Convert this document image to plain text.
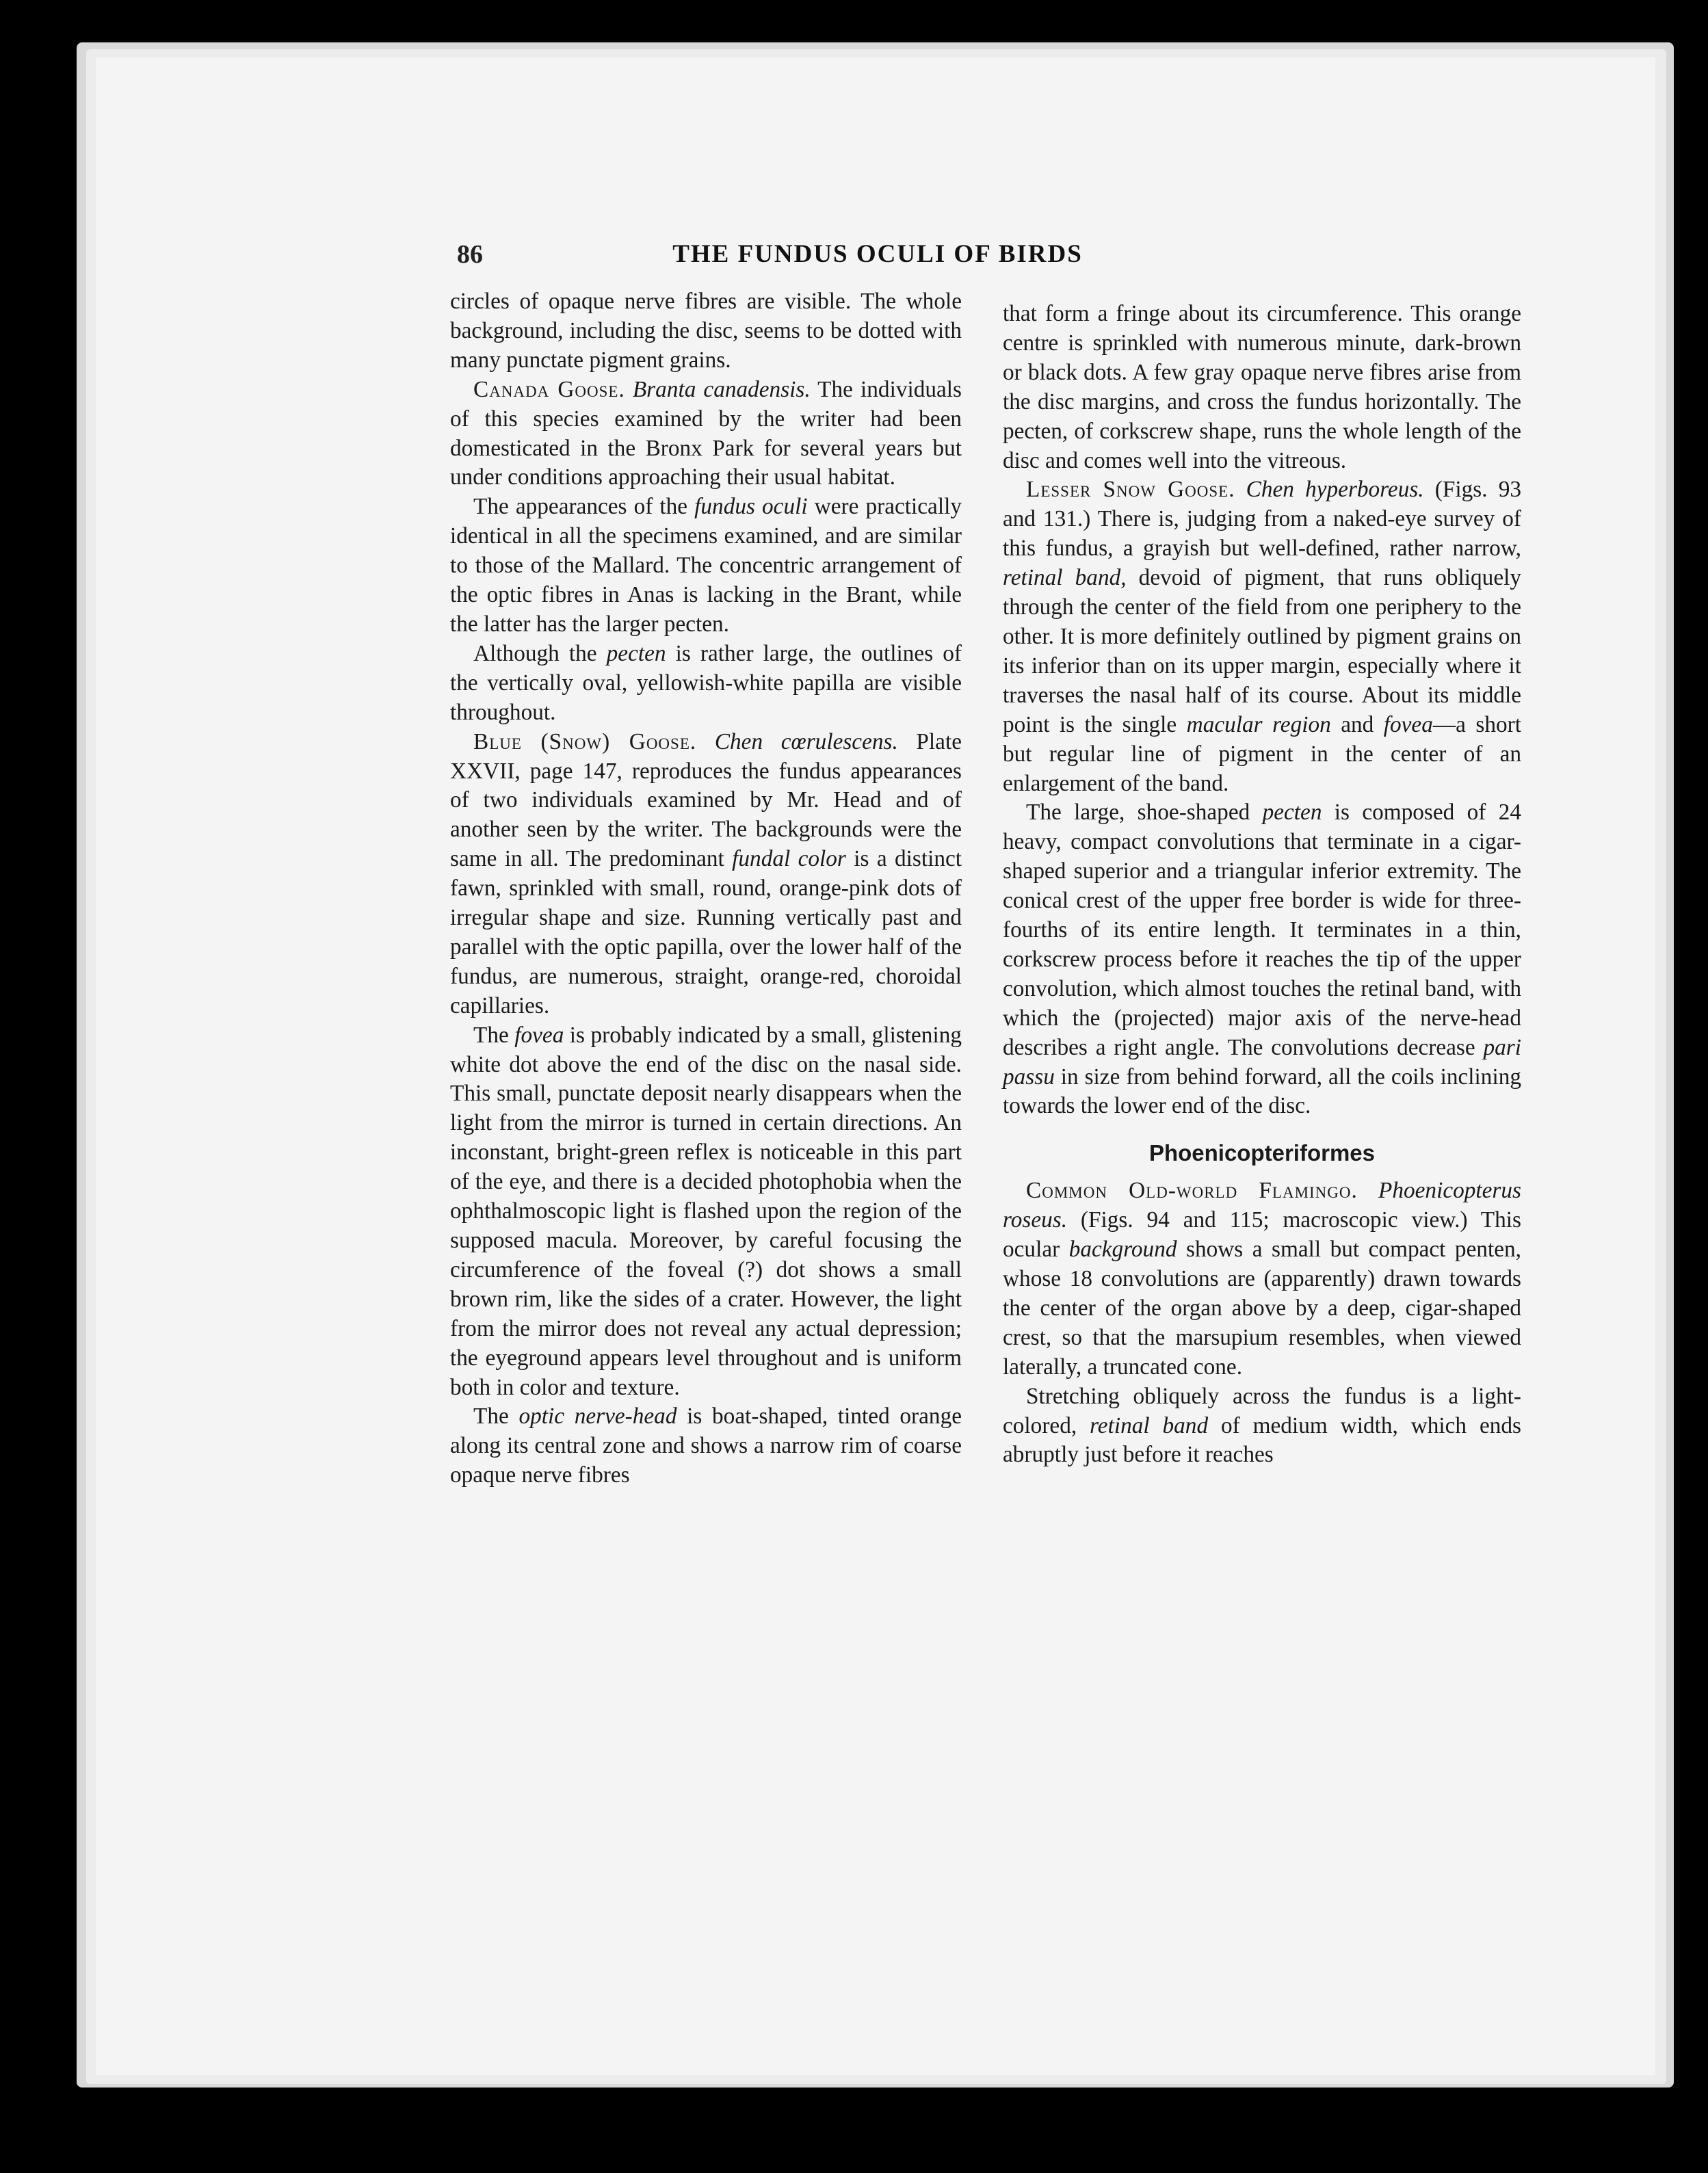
86	THE FUNDUS OCULI OF BIRDS

circles of opaque nerve fibres are visible. The whole background, including the disc, seems to be dotted with many punctate pigment grains.

Canada Goose. Branta canadensis. The individuals of this species examined by the writer had been domesticated in the Bronx Park for several years but under conditions approaching their usual habitat.

The appearances of the fundus oculi were practically identical in all the specimens examined, and are similar to those of the Mallard. The concentric arrangement of the optic fibres in Anas is lacking in the Brant, while the latter has the larger pecten.

Although the pecten is rather large, the outlines of the vertically oval, yellowish-white papilla are visible throughout.

Blue (Snow) Goose. Chen cœrulescens. Plate XXVII, page 147, reproduces the fundus appearances of two individuals examined by Mr. Head and of another seen by the writer. The backgrounds were the same in all. The predominant fundal color is a distinct fawn, sprinkled with small, round, orange-pink dots of irregular shape and size. Running vertically past and parallel with the optic papilla, over the lower half of the fundus, are numerous, straight, orange-red, choroidal capillaries.

The fovea is probably indicated by a small, glistening white dot above the end of the disc on the nasal side. This small, punctate deposit nearly disappears when the light from the mirror is turned in certain directions. An inconstant, bright-green reflex is noticeable in this part of the eye, and there is a decided photophobia when the ophthalmoscopic light is flashed upon the region of the supposed macula. Moreover, by careful focusing the circumference of the foveal (?) dot shows a small brown rim, like the sides of a crater. However, the light from the mirror does not reveal any actual depression; the eyeground appears level throughout and is uniform both in color and texture.

The optic nerve-head is boat-shaped, tinted orange along its central zone and shows a narrow rim of coarse opaque nerve fibres

that form a fringe about its circumference. This orange centre is sprinkled with numerous minute, dark-brown or black dots. A few gray opaque nerve fibres arise from the disc margins, and cross the fundus horizontally. The pecten, of corkscrew shape, runs the whole length of the disc and comes well into the vitreous.

Lesser Snow Goose. Chen hyperboreus. (Figs. 93 and 131.) There is, judging from a naked-eye survey of this fundus, a grayish but well-defined, rather narrow, retinal band, devoid of pigment, that runs obliquely through the center of the field from one periphery to the other. It is more definitely outlined by pigment grains on its inferior than on its upper margin, especially where it traverses the nasal half of its course. About its middle point is the single macular region and fovea—a short but regular line of pigment in the center of an enlargement of the band.

The large, shoe-shaped pecten is composed of 24 heavy, compact convolutions that terminate in a cigar-shaped superior and a triangular inferior extremity. The conical crest of the upper free border is wide for three-fourths of its entire length. It terminates in a thin, corkscrew process before it reaches the tip of the upper convolution, which almost touches the retinal band, with which the (projected) major axis of the nerve-head describes a right angle. The convolutions decrease pari passu in size from behind forward, all the coils inclining towards the lower end of the disc.

Phoenicopteriformes

Common Old-world Flamingo. Phoenicopterus roseus. (Figs. 94 and 115; macroscopic view.) This ocular background shows a small but compact penten, whose 18 convolutions are (apparently) drawn towards the center of the organ above by a deep, cigar-shaped crest, so that the marsupium resembles, when viewed laterally, a truncated cone.

Stretching obliquely across the fundus is a light-colored, retinal band of medium width, which ends abruptly just before it reaches
